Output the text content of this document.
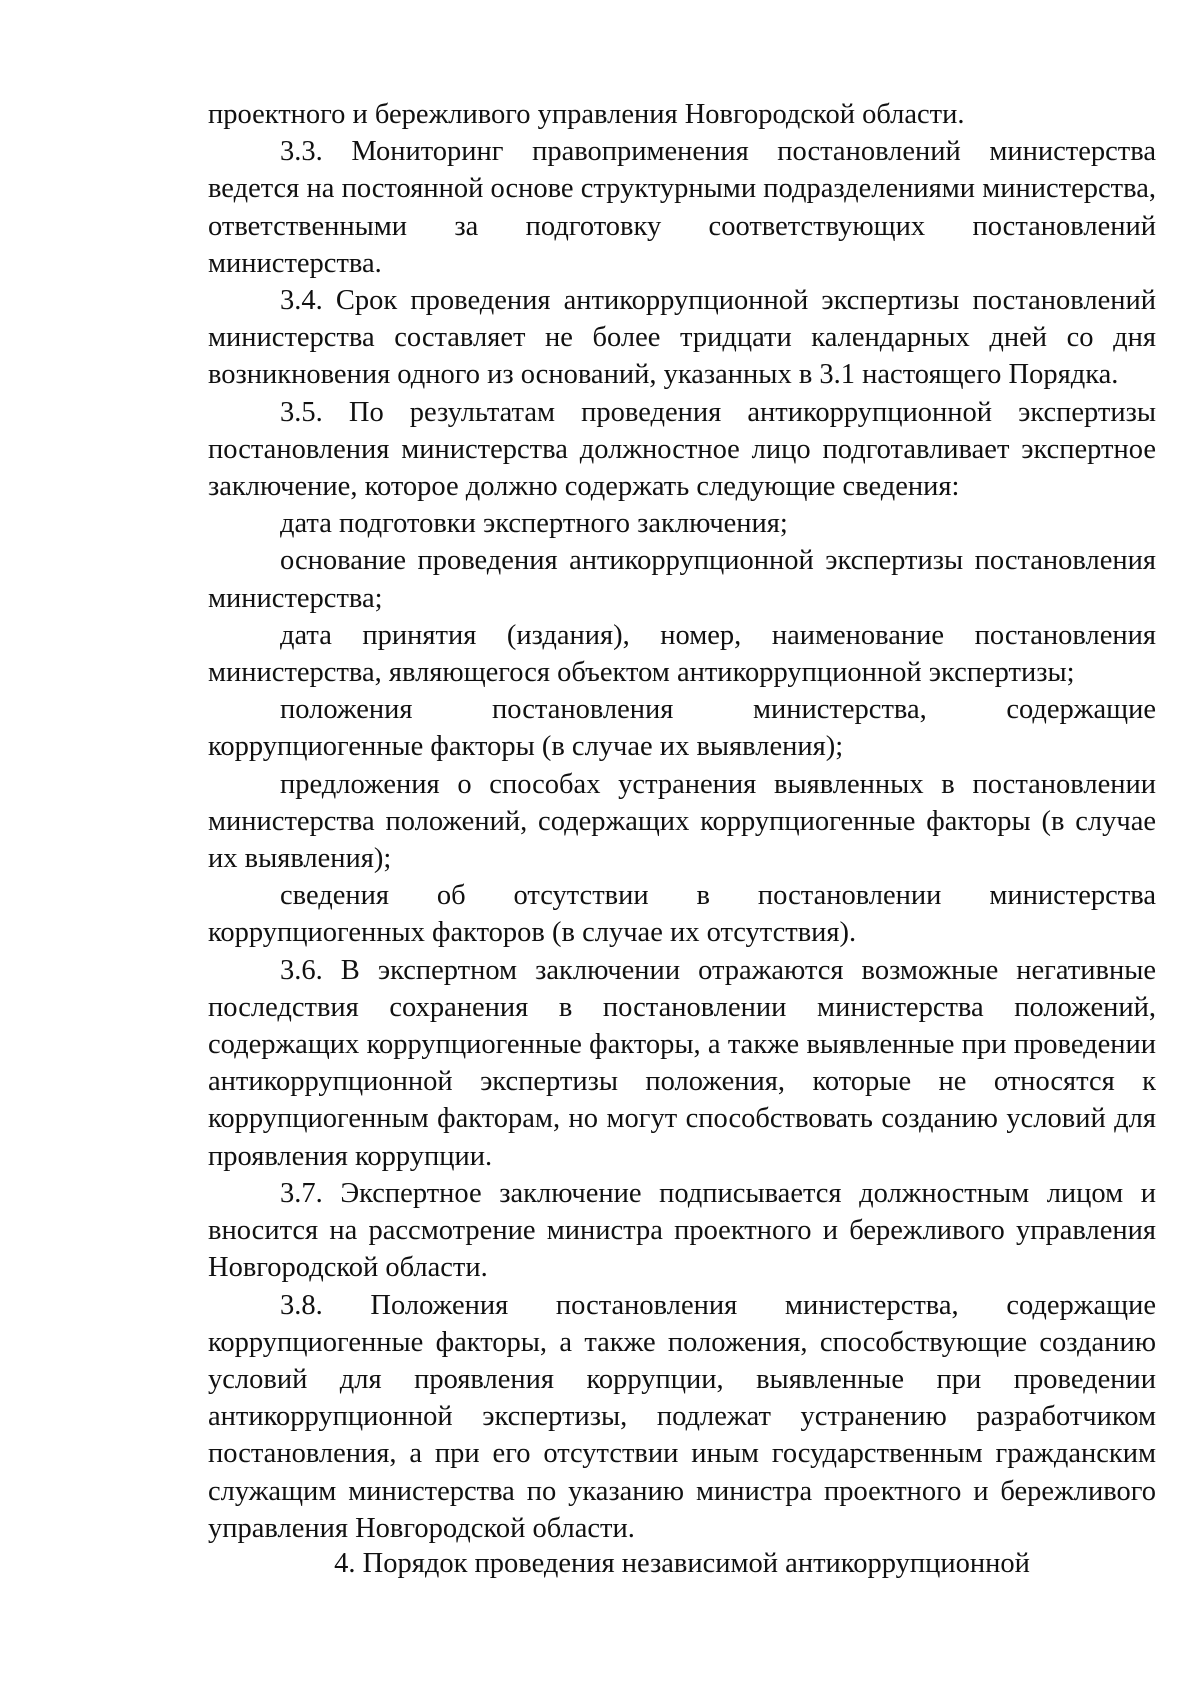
проектного и бережливого управления Новгородской области.

3.3. Мониторинг правоприменения постановлений министерства ведется на постоянной основе структурными подразделениями министерства, ответственными за подготовку соответствующих постановлений министерства.

3.4. Срок проведения антикоррупционной экспертизы постановлений министерства составляет не более тридцати календарных дней со дня возникновения одного из оснований, указанных в 3.1 настоящего Порядка.

3.5. По результатам проведения антикоррупционной экспертизы постановления министерства должностное лицо подготавливает экспертное заключение, которое должно содержать следующие сведения:

дата подготовки экспертного заключения;

основание проведения антикоррупционной экспертизы постановления министерства;

дата принятия (издания), номер, наименование постановления министерства, являющегося объектом антикоррупционной экспертизы;

положения постановления министерства, содержащие коррупциогенные факторы (в случае их выявления);

предложения о способах устранения выявленных в постановлении министерства положений, содержащих коррупциогенные факторы (в случае их выявления);

сведения об отсутствии в постановлении министерства коррупциогенных факторов (в случае их отсутствия).

3.6. В экспертном заключении отражаются возможные негативные последствия сохранения в постановлении министерства положений, содержащих коррупциогенные факторы, а также выявленные при проведении антикоррупционной экспертизы положения, которые не относятся к коррупциогенным факторам, но могут способствовать созданию условий для проявления коррупции.

3.7. Экспертное заключение подписывается должностным лицом и вносится на рассмотрение министра проектного и бережливого управления Новгородской области.

3.8. Положения постановления министерства, содержащие коррупциогенные факторы, а также положения, способствующие созданию условий для проявления коррупции, выявленные при проведении антикоррупционной экспертизы, подлежат устранению разработчиком постановления, а при его отсутствии иным государственным гражданским служащим министерства по указанию министра проектного и бережливого управления Новгородской области.

4. Порядок проведения независимой антикоррупционной
